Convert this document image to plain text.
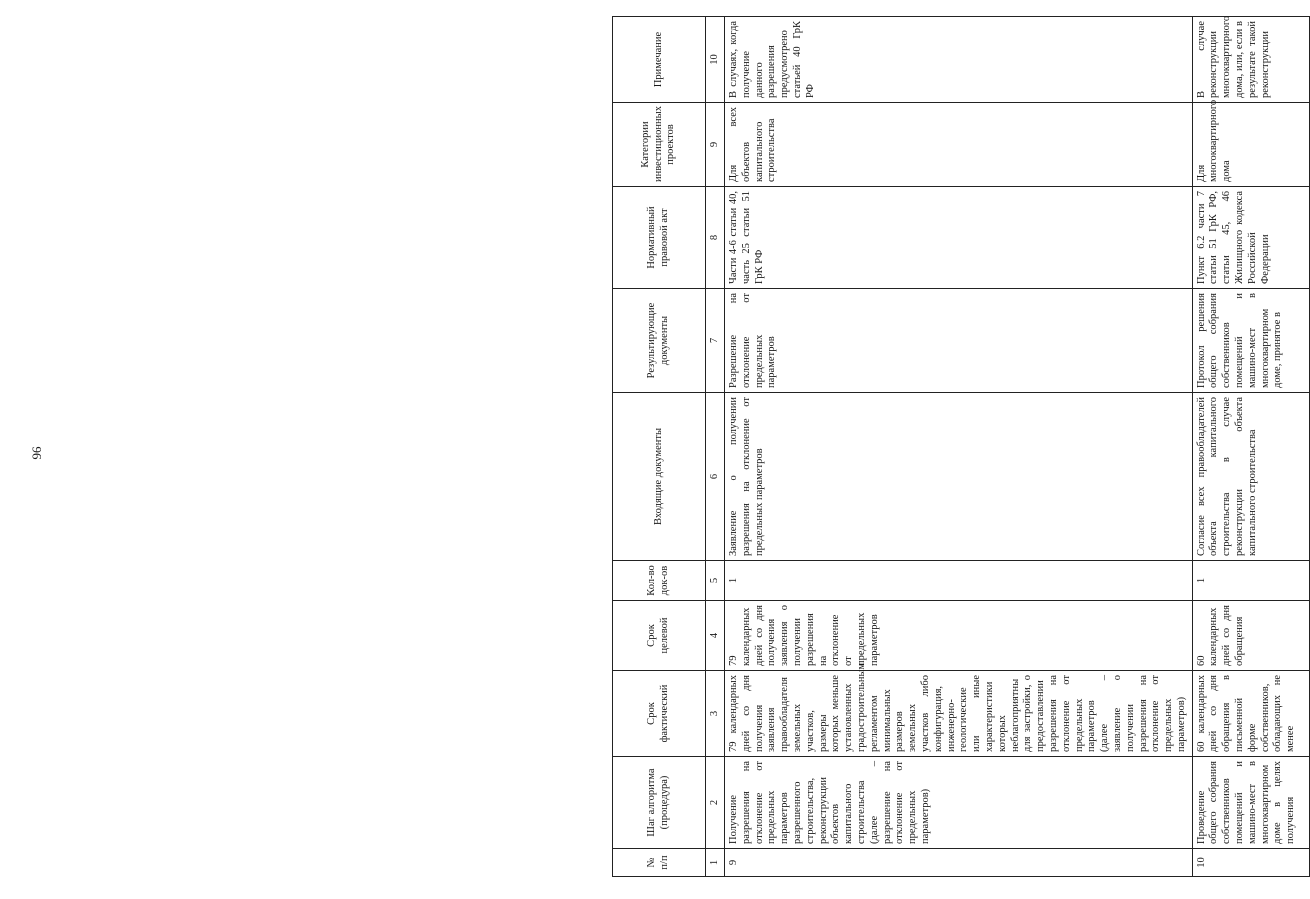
96
№ п/п	Шаг алгоритма (процедура)	Срок фактический	Срок целевой	Кол-во док-ов	Входящие документы	Результирующие документы	Нормативный правовой акт	Категории инвестиционных проектов	Примечание
1	2	3	4	5	6	7	8	9	10
9	Получение разрешения на отклонение от предельных параметров разрешенного строительства, реконструкции объектов капитального строительства (далее – разрешение на отклонение от предельных параметров)	79 календарных дней со дня получения заявления правообладателя земельных участков, размеры которых меньше установленных градостроительным регламентом минимальных размеров земельных участков либо конфигурация, инженерно-геологические или иные характеристики которых неблагоприятны для застройки, о предоставлении разрешения на отклонение от предельных параметров (далее – заявление о получении разрешения на отклонение от предельных параметров)	79 календарных дней со дня получения заявления о получении разрешения на отклонение от предельных параметров	1	Заявление о получении разрешения на отклонение от предельных параметров	Разрешение на отклонение от предельных параметров	Части 4-6 статьи 40, часть 25 статьи 51 ГрК РФ	Для всех объектов капитального строительства	В случаях, когда получение данного разрешения предусмотрено статьей 40 ГрК РФ
10	Проведение общего собрания собственников помещений и машино-мест в многоквартирном доме в целях получения	60 календарных дней со дня обращения в письменной форме собственников, обладающих не менее	60 календарных дней со дня обращения	1	Согласие всех правообладателей объекта капитального строительства в случае реконструкции объекта капитального строительства	Протокол решения общего собрания собственников помещений и машино-мест в многоквартирном доме, принятое в	Пункт 6.2 части 7 статьи 51 ГрК РФ, статьи 45, 46 Жилищного кодекса Российской Федерации	Для многоквартирного дома	В случае реконструкции многоквартирного дома, или, если в результате такой реконструкции
